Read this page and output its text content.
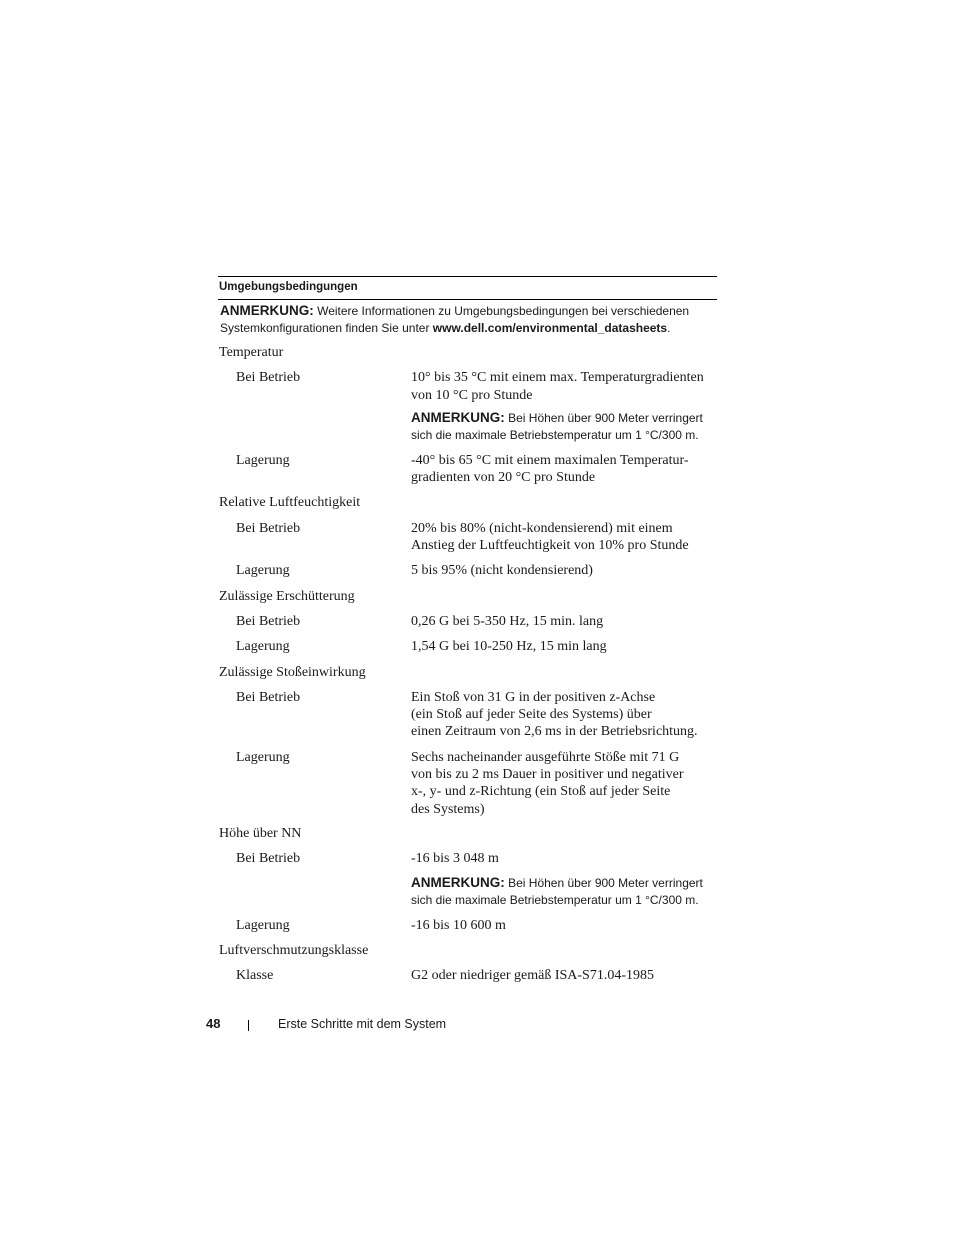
Umgebungsbedingungen
ANMERKUNG: Weitere Informationen zu Umgebungsbedingungen bei verschiedenen Systemkonfigurationen finden Sie unter www.dell.com/environmental_datasheets.
Temperatur
Bei Betrieb	10° bis 35 °C mit einem max. Temperaturgradienten
von 10 °C pro Stunde
ANMERKUNG: Bei Höhen über 900 Meter verringert
sich die maximale Betriebstemperatur um 1 °C/300 m.
Lagerung	-40° bis 65 °C mit einem maximalen Temperatur-
gradienten von 20 °C pro Stunde
Relative Luftfeuchtigkeit
Bei Betrieb	20% bis 80% (nicht-kondensierend) mit einem
Anstieg der Luftfeuchtigkeit von 10% pro Stunde
Lagerung	5 bis 95% (nicht kondensierend)
Zulässige Erschütterung
Bei Betrieb	0,26 G bei 5-350 Hz, 15 min. lang
Lagerung	1,54 G bei 10-250 Hz, 15 min lang
Zulässige Stoßeinwirkung
Bei Betrieb	Ein Stoß von 31 G in der positiven z-Achse
(ein Stoß auf jeder Seite des Systems) über
einen Zeitraum von 2,6 ms in der Betriebsrichtung.
Lagerung	Sechs nacheinander ausgeführte Stöße mit 71 G
von bis zu 2 ms Dauer in positiver und negativer
x-, y- und z-Richtung (ein Stoß auf jeder Seite
des Systems)
Höhe über NN
Bei Betrieb	-16 bis 3 048 m
ANMERKUNG: Bei Höhen über 900 Meter verringert
sich die maximale Betriebstemperatur um 1 °C/300 m.
Lagerung	-16 bis 10 600 m
Luftverschmutzungsklasse
Klasse	G2 oder niedriger gemäß ISA-S71.04-1985
48	Erste Schritte mit dem System
